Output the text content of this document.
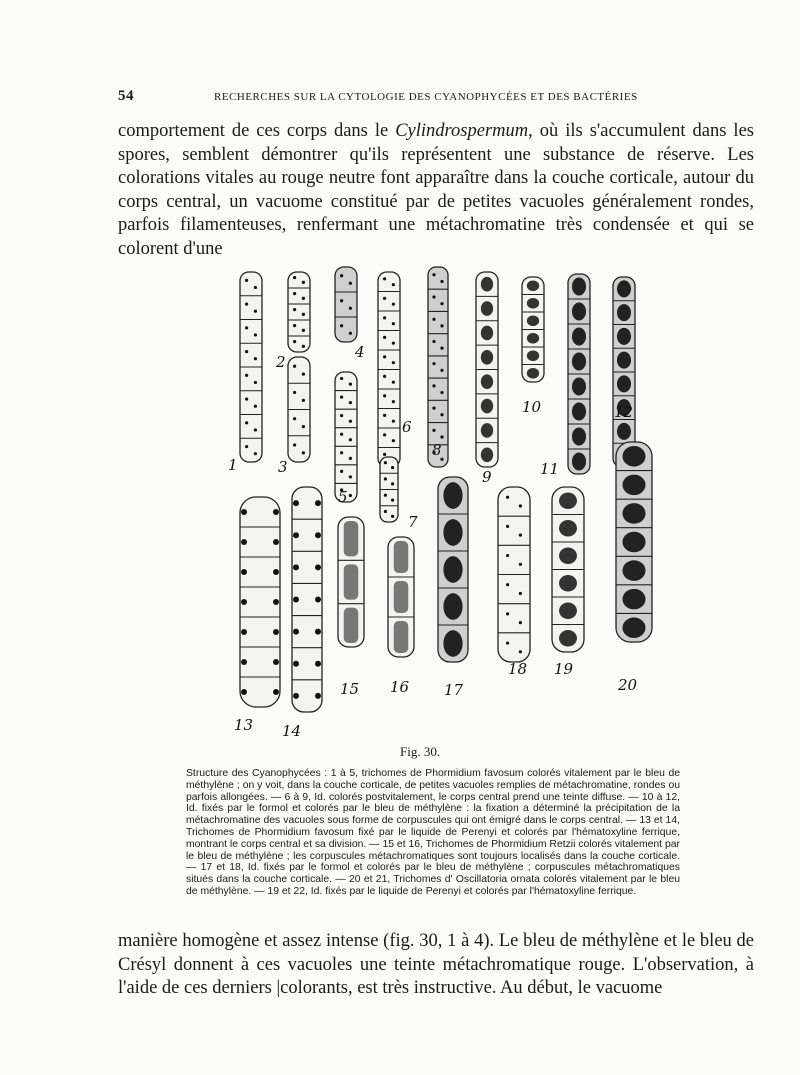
54	RECHERCHES SUR LA CYTOLOGIE DES CYANOPHYCÉES ET DES BACTÉRIES

comportement de ces corps dans le Cylindrospermum, où ils s'accumulent dans les spores, semblent démontrer qu'ils représentent une substance de réserve. Les colorations vitales au rouge neutre font apparaître dans la couche corticale, autour du corps central, un vacuome constitué par de petites vacuoles généralement rondes, parfois filamenteuses, renfermant une métachromatine très condensée et qui se colorent d'une

1
2
3
4
5
6
7
8
9
10
11
12
13 14
15 16 17
18 19
20
Fig. 30.
Structure des Cyanophycées : 1 à 5, trichomes de Phormidium favosum colorés vitalement par le bleu de méthylène ; on y voit, dans la couche corticale, de petites vacuoles remplies de métachromatine, rondes ou parfois allongées. — 6 à 9, Id. colorés postvitalement, le corps central prend une teinte diffuse. — 10 à 12, Id. fixés par le formol et colorés par le bleu de méthylène : la fixation a déterminé la précipitation de la métachromatine des vacuoles sous forme de corpuscules qui ont émigré dans le corps central. — 13 et 14, Trichomes de Phormidium favosum fixé par le liquide de Perenyi et colorés par l'hématoxyline ferrique, montrant le corps central et sa division. — 15 et 16, Trichomes de Phormidium Retzii colorés vitalement par le bleu de méthylène ; les corpuscules métachromatiques sont toujours localisés dans la couche corticale. — 17 et 18, Id. fixés par le formol et colorés par le bleu de méthylène ; corpuscules métachromatiques situés dans la couche corticale. — 20 et 21, Trichomes d' Oscillatoria ornata colorés vitalement par le bleu de méthylène. — 19 et 22, Id. fixés par le liquide de Perenyi et colorés par l'hématoxyline ferrique.

manière homogène et assez intense (fig. 30, 1 à 4). Le bleu de méthylène et le bleu de Crésyl donnent à ces vacuoles une teinte métachromatique rouge. L'observation, à l'aide de ces derniers |colorants, est très instructive. Au début, le vacuome
